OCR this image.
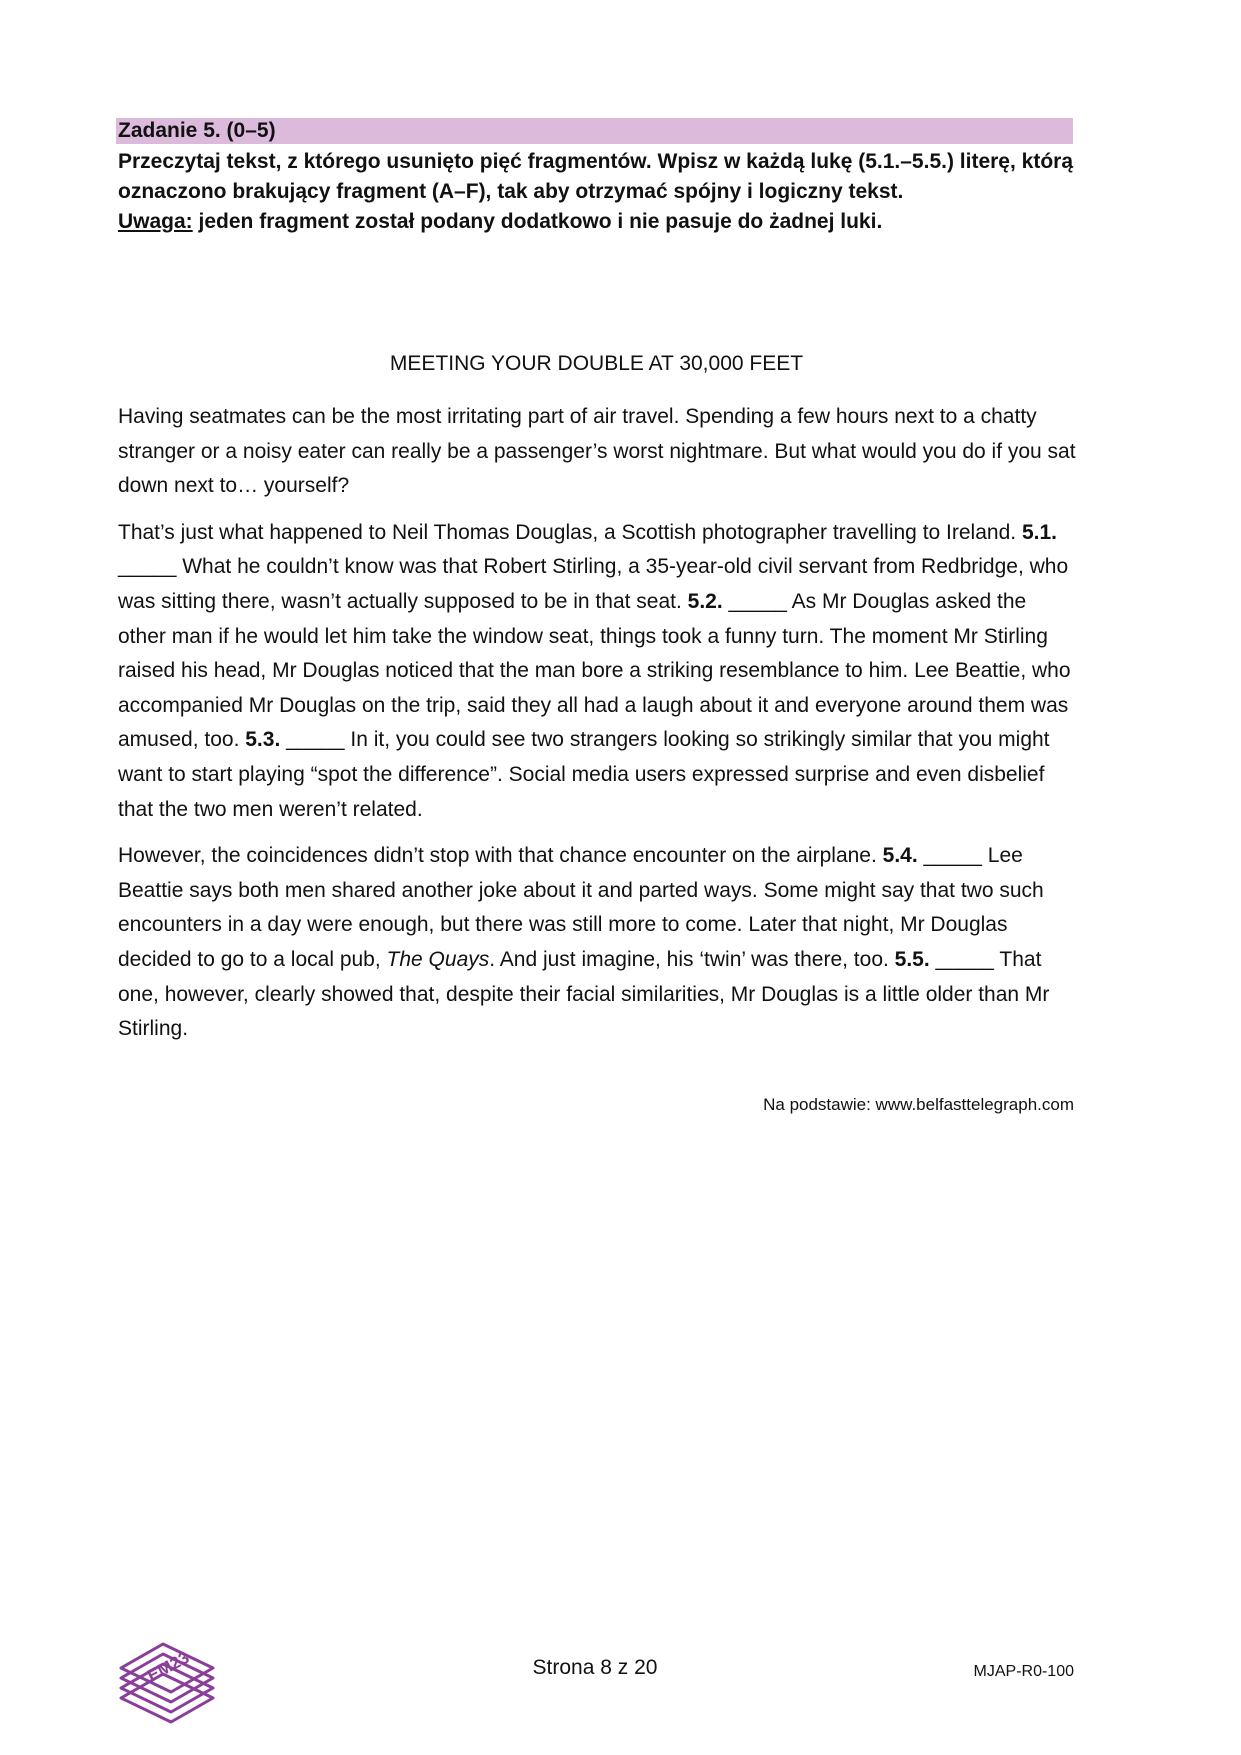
Zadanie 5. (0–5)
Przeczytaj tekst, z którego usunięto pięć fragmentów. Wpisz w każdą lukę (5.1.–5.5.) literę, którą oznaczono brakujący fragment (A–F), tak aby otrzymać spójny i logiczny tekst.
Uwaga: jeden fragment został podany dodatkowo i nie pasuje do żadnej luki.
MEETING YOUR DOUBLE AT 30,000 FEET

Having seatmates can be the most irritating part of air travel. Spending a few hours next to a chatty stranger or a noisy eater can really be a passenger’s worst nightmare. But what would you do if you sat down next to… yourself?

That’s just what happened to Neil Thomas Douglas, a Scottish photographer travelling to Ireland. 5.1. _____ What he couldn’t know was that Robert Stirling, a 35-year-old civil servant from Redbridge, who was sitting there, wasn’t actually supposed to be in that seat. 5.2. _____ As Mr Douglas asked the other man if he would let him take the window seat, things took a funny turn. The moment Mr Stirling raised his head, Mr Douglas noticed that the man bore a striking resemblance to him. Lee Beattie, who accompanied Mr Douglas on the trip, said they all had a laugh about it and everyone around them was amused, too. 5.3. _____ In it, you could see two strangers looking so strikingly similar that you might want to start playing “spot the difference”. Social media users expressed surprise and even disbelief that the two men weren’t related.

However, the coincidences didn’t stop with that chance encounter on the airplane. 5.4. _____ Lee Beattie says both men shared another joke about it and parted ways. Some might say that two such encounters in a day were enough, but there was still more to come. Later that night, Mr Douglas decided to go to a local pub, The Quays. And just imagine, his ‘twin’ was there, too. 5.5. _____ That one, however, clearly showed that, despite their facial similarities, Mr Douglas is a little older than Mr Stirling.

Na podstawie: www.belfasttelegraph.com
EM23	Strona 8 z 20	MJAP-R0-100
